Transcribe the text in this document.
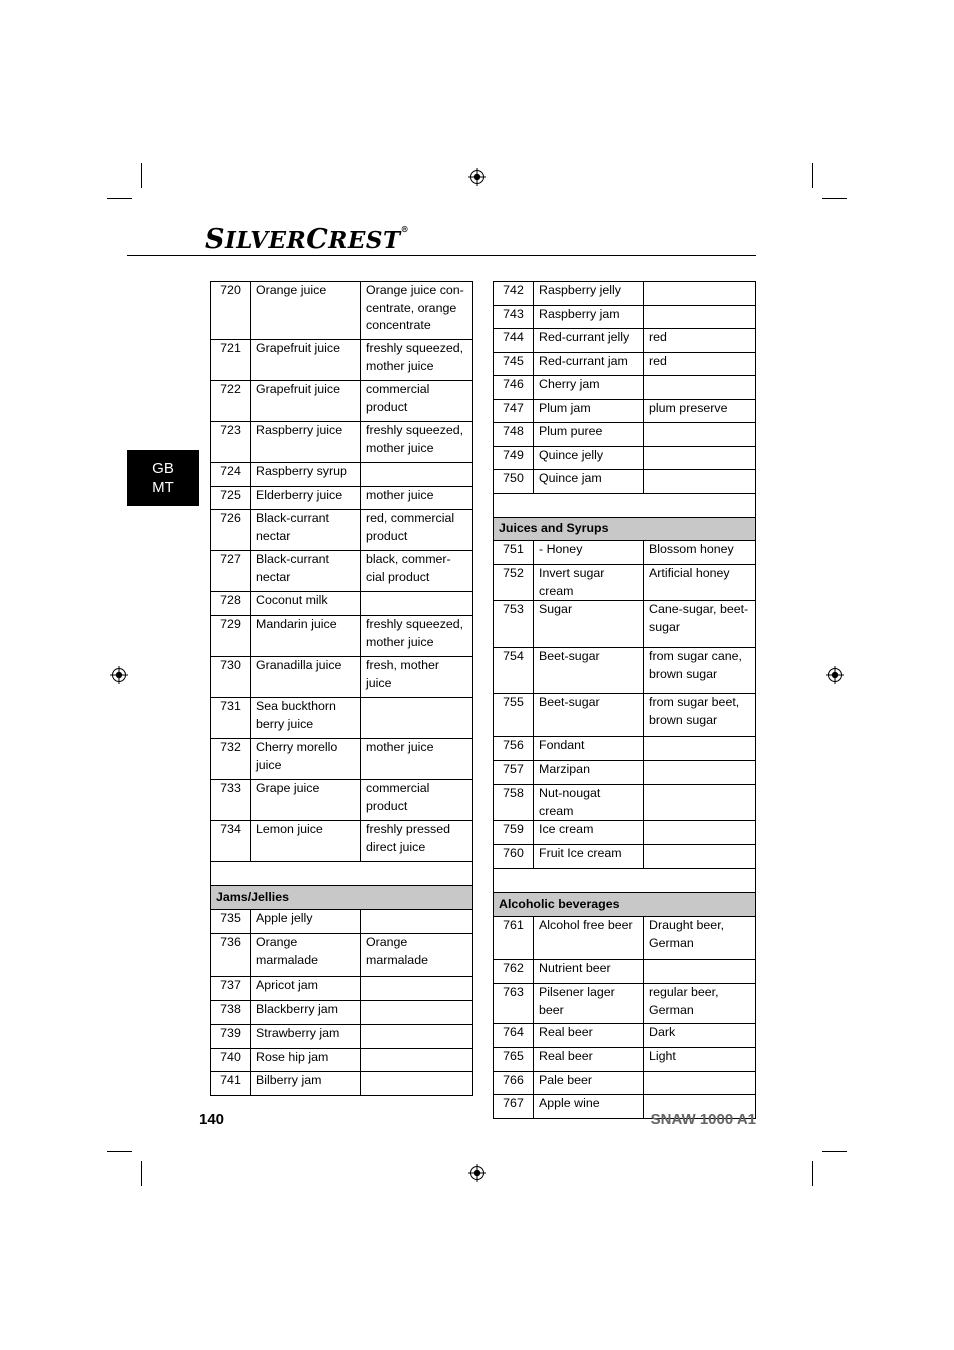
SILVERCREST®
GB
MT
720	Orange juice	Orange juice con-centrate, orange concentrate
721	Grapefruit juice	freshly squeezed, mother juice
722	Grapefruit juice	commercial product
723	Raspberry juice	freshly squeezed, mother juice
724	Raspberry syrup	
725	Elderberry juice	mother juice
726	Black-currant nectar	red, commercial product
727	Black-currant nectar	black, commer-cial product
728	Coconut milk	
729	Mandarin juice	freshly squeezed, mother juice
730	Granadilla juice	fresh, mother juice
731	Sea buckthorn berry juice	
732	Cherry morello juice	mother juice
733	Grape juice	commercial product
734	Lemon juice	freshly pressed direct juice

Jams/Jellies		
735	Apple jelly	
736	Orange marmalade	Orange marmalade
737	Apricot jam	
738	Blackberry jam	
739	Strawberry jam	
740	Rose hip jam	
741	Bilberry jam	
742	Raspberry jelly	
743	Raspberry jam	
744	Red-currant jelly	red
745	Red-currant jam	red
746	Cherry jam	
747	Plum jam	plum preserve
748	Plum puree	
749	Quince jelly	
750	Quince jam	

Juices and Syrups		
751	- Honey	Blossom honey
752	Invert sugar cream	Artificial honey
753	Sugar	Cane-sugar, beet-sugar
754	Beet-sugar	from sugar cane, brown sugar
755	Beet-sugar	from sugar beet, brown sugar
756	Fondant	
757	Marzipan	
758	Nut-nougat cream	
759	Ice cream	
760	Fruit Ice cream	

Alcoholic beverages		
761	Alcohol free beer	Draught beer, German
762	Nutrient beer	
763	Pilsener lager beer	regular beer, German
764	Real beer	Dark
765	Real beer	Light
766	Pale beer	
767	Apple wine	
140	SNAW 1000 A1
